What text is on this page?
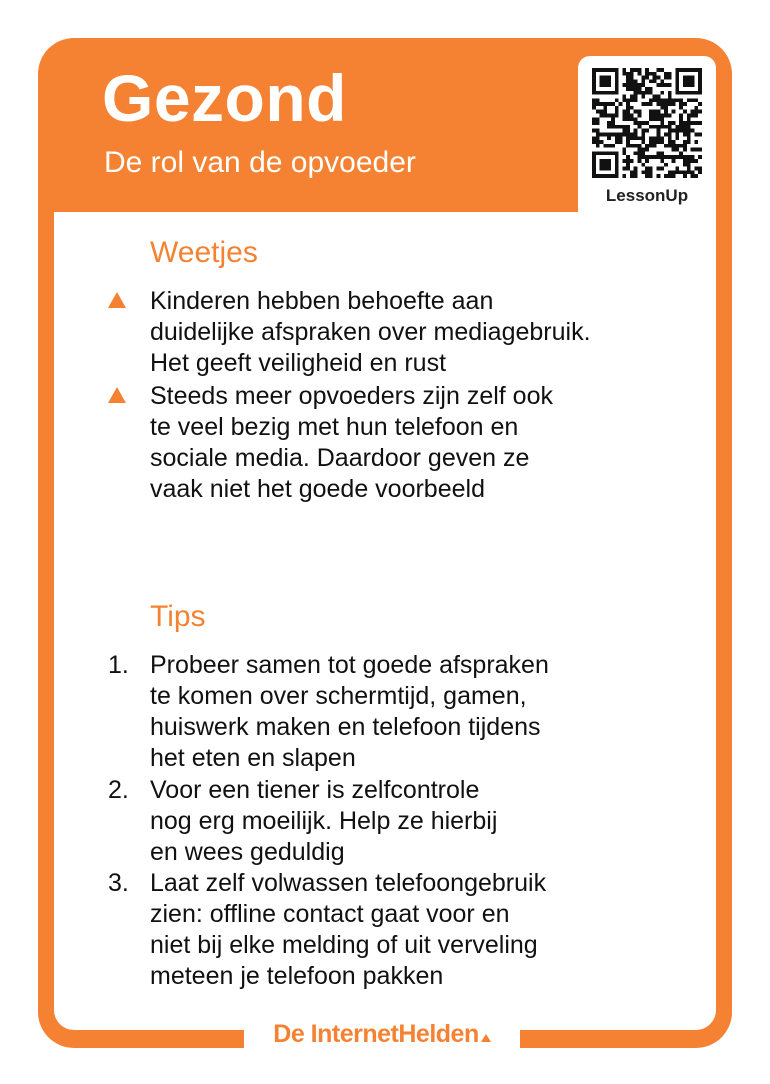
Gezond
De rol van de opvoeder
LessonUp
Weetjes
Kinderen hebben behoefte aan
duidelijke afspraken over mediagebruik.
Het geeft veiligheid en rust
Steeds meer opvoeders zijn zelf ook
te veel bezig met hun telefoon en
sociale media. Daardoor geven ze
vaak niet het goede voorbeeld
Tips
1. Probeer samen tot goede afspraken
te komen over schermtijd, gamen,
huiswerk maken en telefoon tijdens
het eten en slapen
2. Voor een tiener is zelfcontrole
nog erg moeilijk. Help ze hierbij
en wees geduldig
3. Laat zelf volwassen telefoongebruik
zien: offline contact gaat voor en
niet bij elke melding of uit verveling
meteen je telefoon pakken
De InternetHelden
